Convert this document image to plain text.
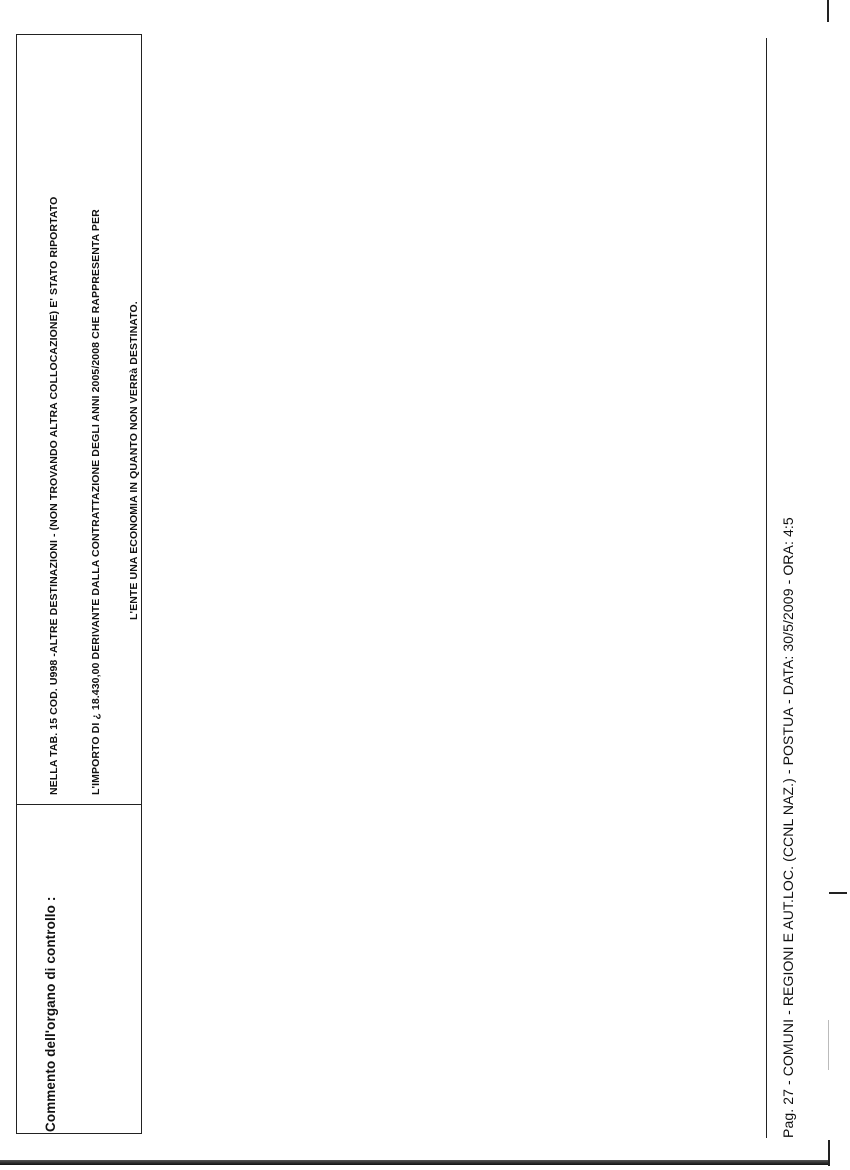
Commento dell'organo di controllo :
NELLA TAB. 15 COD. U998 -ALTRE DESTINAZIONI - (NON TROVANDO ALTRA COLLOCAZIONE) E' STATO RIPORTATO	L'IMPORTO DI ¿ 18.430,00 DERIVANTE DALLA CONTRATTAZIONE DEGLI ANNI 2005/2008 CHE RAPPRESENTA PER L'ENTE UNA ECONOMIA IN QUANTO NON VERRà DESTINATO.
Pag. 27 - COMUNI - REGIONI E AUT.LOC. (CCNL NAZ.) - POSTUA - DATA: 30/5/2009 - ORA: 4:5
